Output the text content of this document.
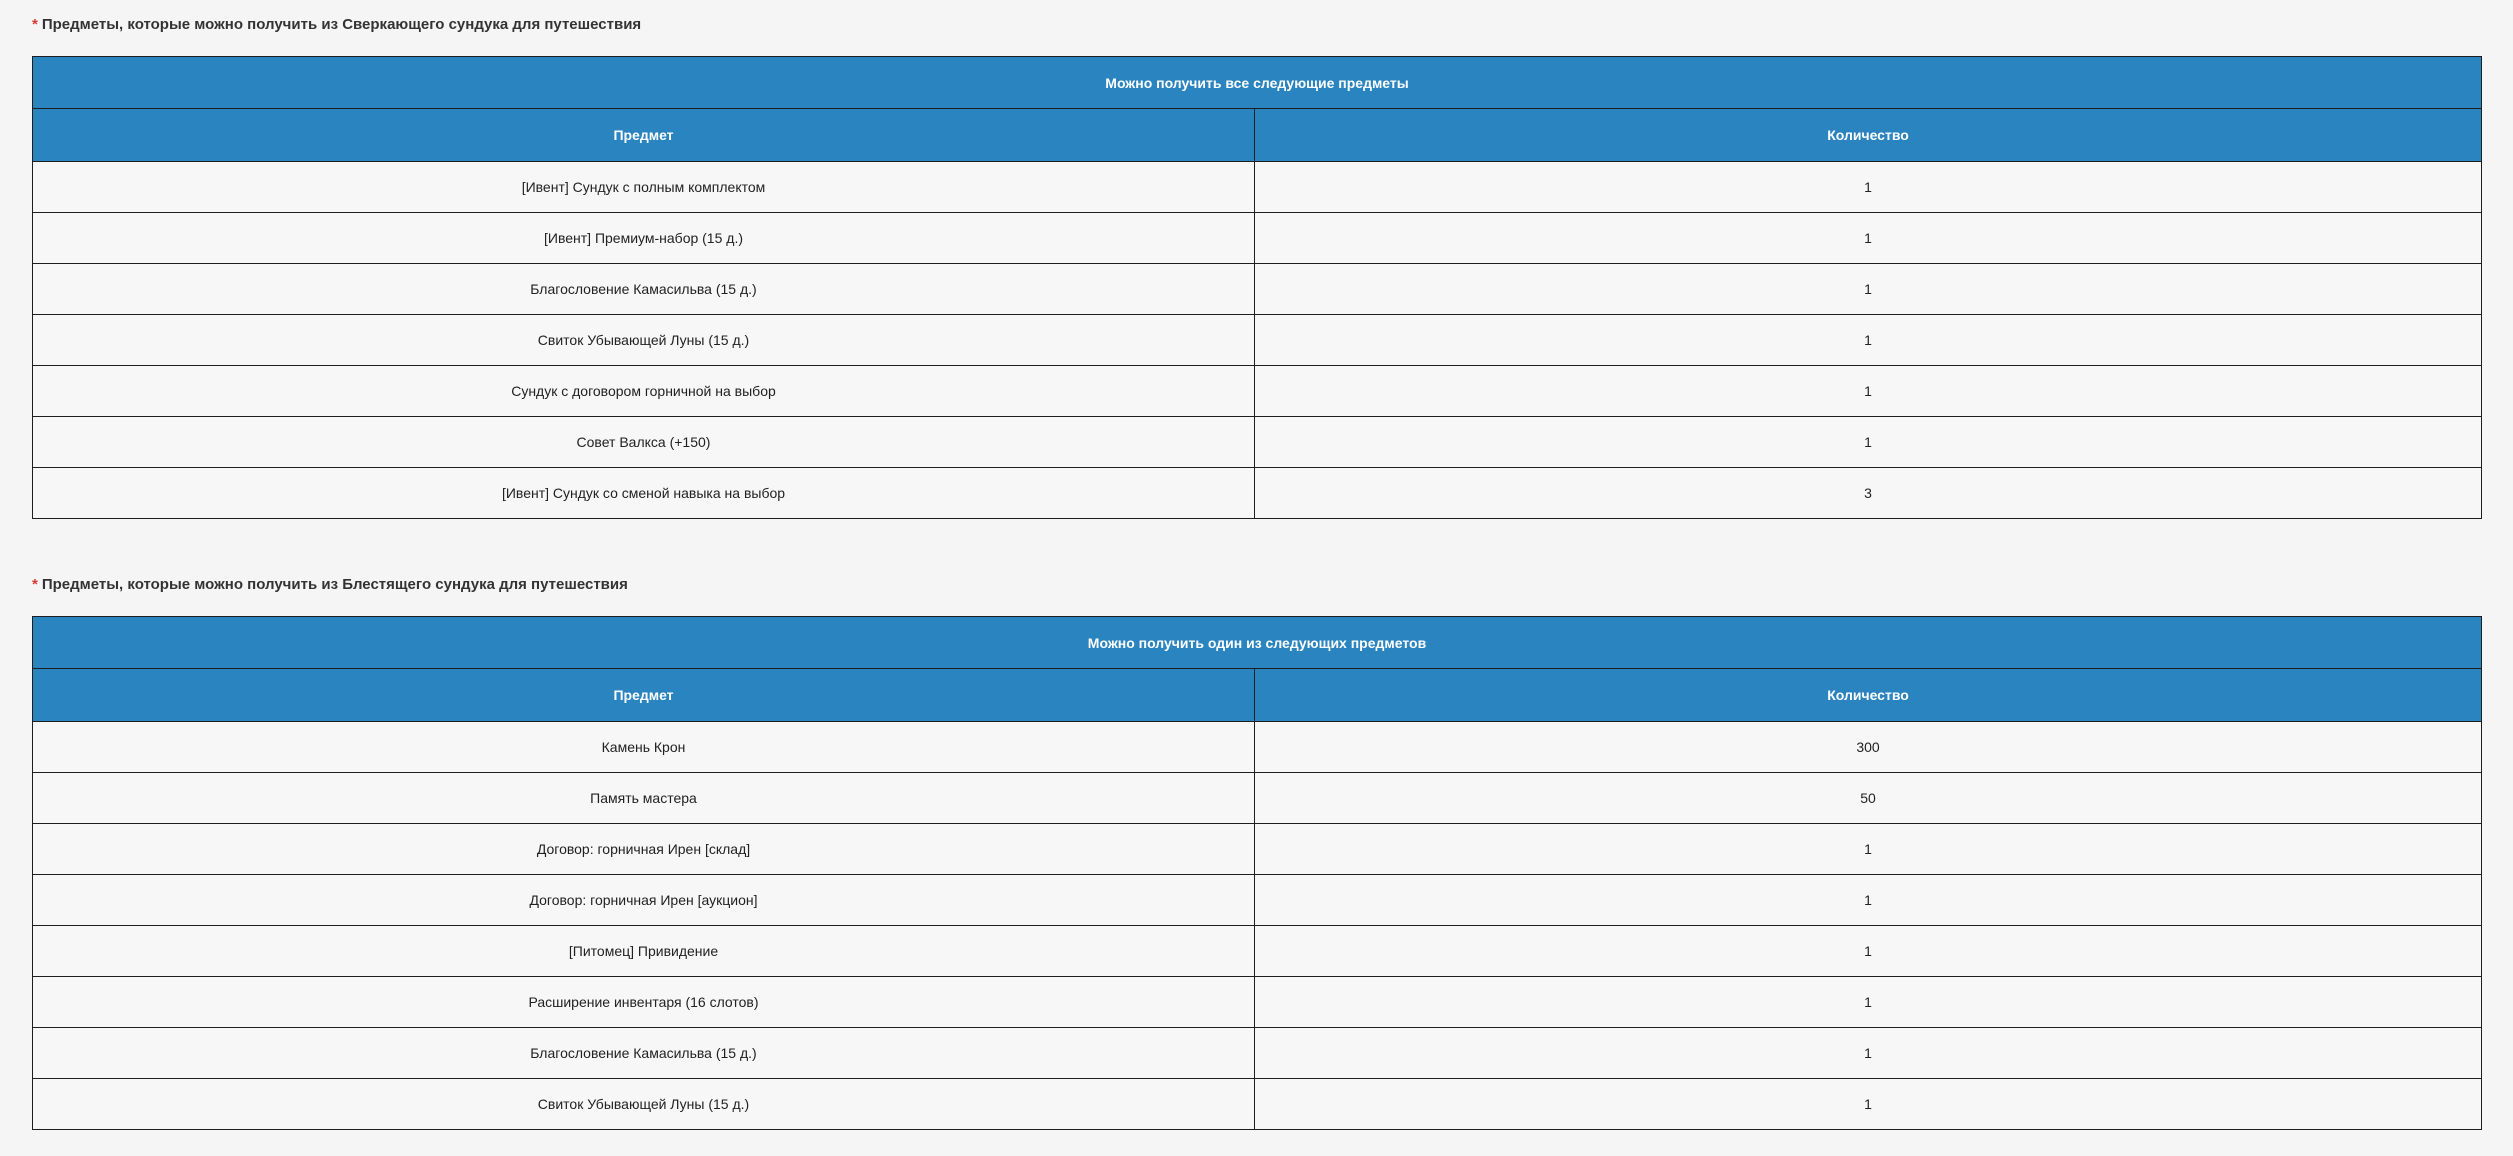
* Предметы, которые можно получить из Сверкающего сундука для путешествия

Можно получить все следующие предметы	
Предмет	Количество
[Ивент] Сундук с полным комплектом	1
[Ивент] Премиум-набор (15 д.)	1
Благословение Камасильва (15 д.)	1
Свиток Убывающей Луны (15 д.)	1
Сундук с договором горничной на выбор	1
Совет Валкса (+150)	1
[Ивент] Сундук со сменой навыка на выбор	3

* Предметы, которые можно получить из Блестящего сундука для путешествия

Можно получить один из следующих предметов	
Предмет	Количество
Камень Крон	300
Память мастера	50
Договор: горничная Ирен [склад]	1
Договор: горничная Ирен [аукцион]	1
[Питомец] Привидение	1
Расширение инвентаря (16 слотов)	1
Благословение Камасильва (15 д.)	1
Свиток Убывающей Луны (15 д.)	1
